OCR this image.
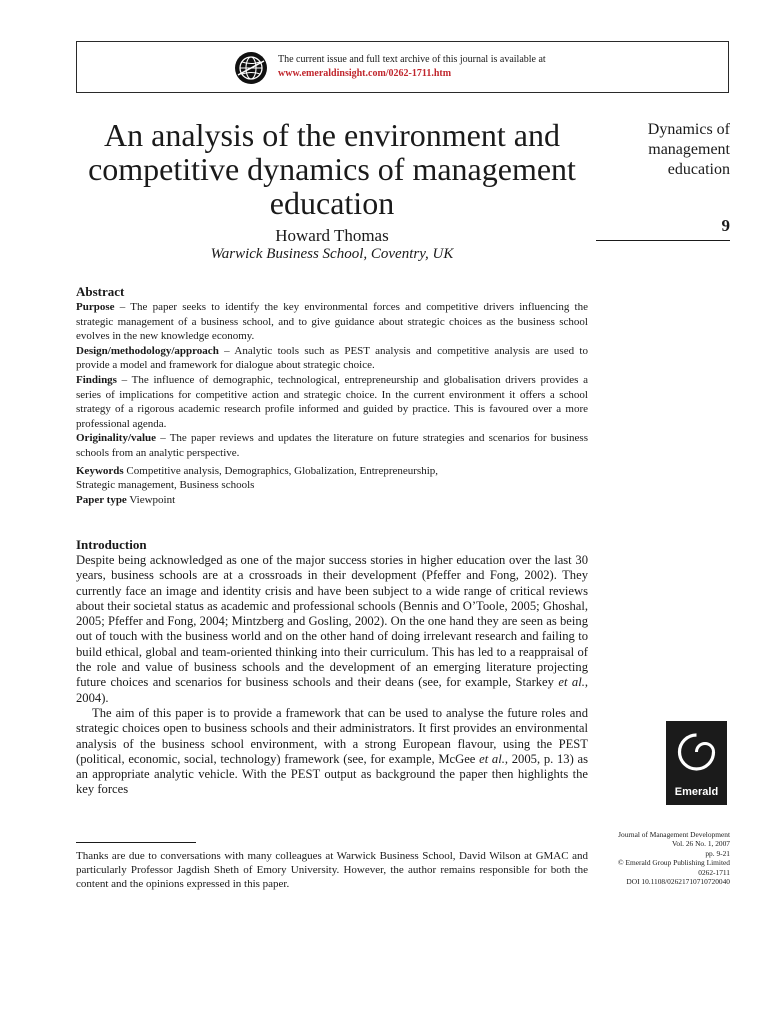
The current issue and full text archive of this journal is available at
www.emeraldinsight.com/0262-1711.htm
An analysis of the environment and competitive dynamics of management education
Howard Thomas
Warwick Business School, Coventry, UK
Dynamics of
management
education
9
Abstract

Purpose – The paper seeks to identify the key environmental forces and competitive drivers influencing the strategic management of a business school, and to give guidance about strategic choices as the business school evolves in the new knowledge economy.

Design/methodology/approach – Analytic tools such as PEST analysis and competitive analysis are used to provide a model and framework for dialogue about strategic choice.

Findings – The influence of demographic, technological, entrepreneurship and globalisation drivers provides a series of implications for competitive action and strategic choice. In the current environment it offers a school strategy of a rigorous academic research profile informed and guided by practice. This is favoured over a more professional agenda.

Originality/value – The paper reviews and updates the literature on future strategies and scenarios for business schools from an analytic perspective.

Keywords Competitive analysis, Demographics, Globalization, Entrepreneurship,
Strategic management, Business schools

Paper type Viewpoint

Introduction

Despite being acknowledged as one of the major success stories in higher education over the last 30 years, business schools are at a crossroads in their development (Pfeffer and Fong, 2002). They currently face an image and identity crisis and have been subject to a wide range of critical reviews about their societal status as academic and professional schools (Bennis and O’Toole, 2005; Ghoshal, 2005; Pfeffer and Fong, 2004; Mintzberg and Gosling, 2002). On the one hand they are seen as being out of touch with the business world and on the other hand of doing irrelevant research and failing to build ethical, global and team-oriented thinking into their curriculum. This has led to a reappraisal of the role and value of business schools and the development of an emerging literature projecting future choices and scenarios for business schools and their deans (see, for example, Starkey et al., 2004).

The aim of this paper is to provide a framework that can be used to analyse the future roles and strategic choices open to business schools and their administrators. It first provides an environmental analysis of the business school environment, with a strong European flavour, using the PEST (political, economic, social, technology) framework (see, for example, McGee et al., 2005, p. 13) as an appropriate analytic vehicle. With the PEST output as background the paper then highlights the key forces

Thanks are due to conversations with many colleagues at Warwick Business School, David Wilson at GMAC and particularly Professor Jagdish Sheth of Emory University. However, the author remains responsible for both the content and the opinions expressed in this paper.
Emerald
Journal of Management Development
Vol. 26 No. 1, 2007
pp. 9-21
© Emerald Group Publishing Limited
0262-1711
DOI 10.1108/02621710710720040
